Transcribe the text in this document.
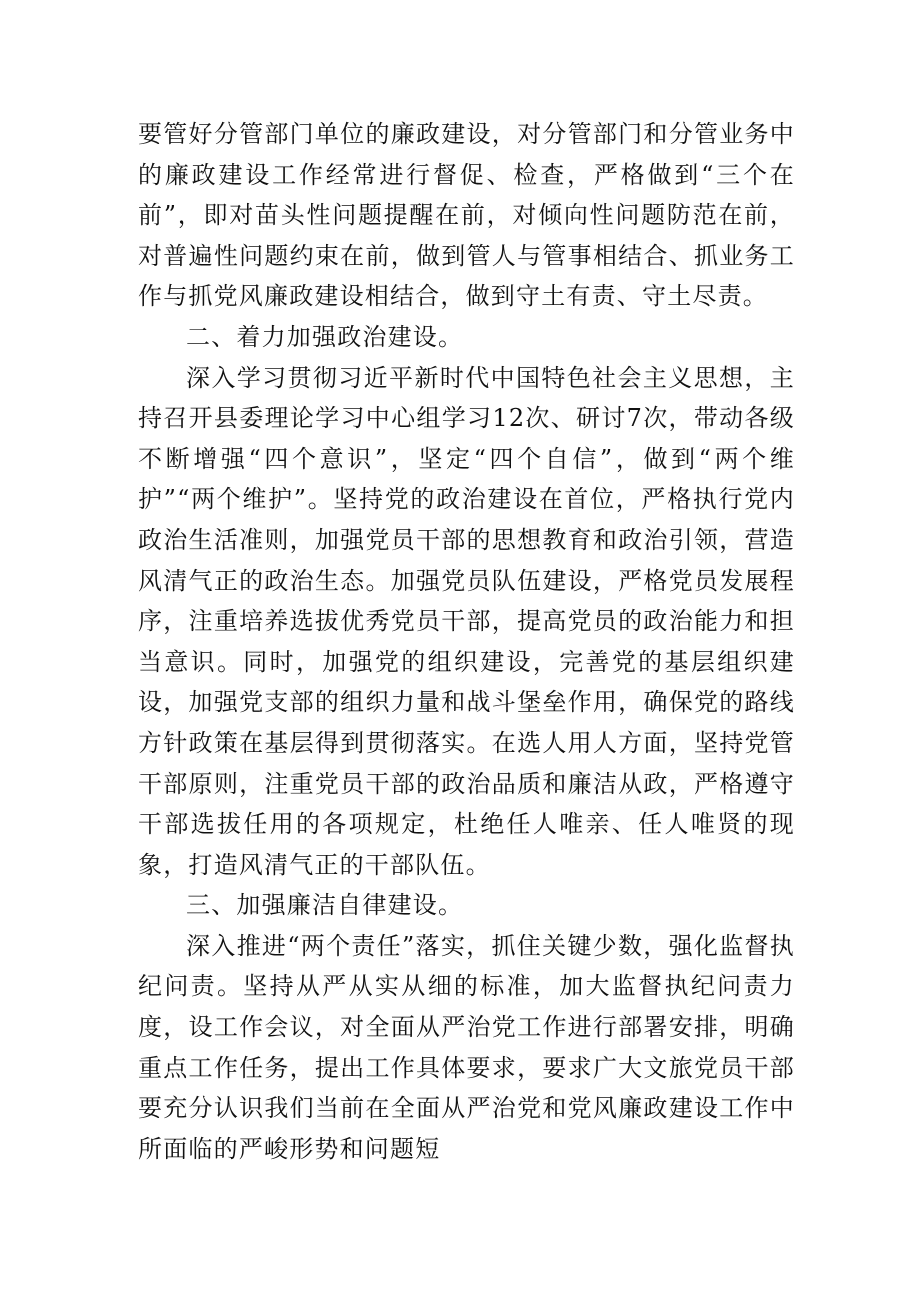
要管好分管部门单位的廉政建设，对分管部门和分管业务中的廉政建设工作经常进行督促、检查，严格做到“三个在前”，即对苗头性问题提醒在前，对倾向性问题防范在前，对普遍性问题约束在前，做到管人与管事相结合、抓业务工作与抓党风廉政建设相结合，做到守土有责、守土尽责。

二、着力加强政治建设。

深入学习贯彻习近平新时代中国特色社会主义思想，主持召开县委理论学习中心组学习12次、研讨7次，带动各级不断增强“四个意识”，坚定“四个自信”，做到“两个维护”“两个维护”。坚持党的政治建设在首位，严格执行党内政治生活准则，加强党员干部的思想教育和政治引领，营造风清气正的政治生态。加强党员队伍建设，严格党员发展程序，注重培养选拔优秀党员干部，提高党员的政治能力和担当意识。同时，加强党的组织建设，完善党的基层组织建设，加强党支部的组织力量和战斗堡垒作用，确保党的路线方针政策在基层得到贯彻落实。在选人用人方面，坚持党管干部原则，注重党员干部的政治品质和廉洁从政，严格遵守干部选拔任用的各项规定，杜绝任人唯亲、任人唯贤的现象，打造风清气正的干部队伍。

三、加强廉洁自律建设。

深入推进“两个责任”落实，抓住关键少数，强化监督执纪问责。坚持从严从实从细的标准，加大监督执纪问责力度，设工作会议，对全面从严治党工作进行部署安排，明确重点工作任务，提出工作具体要求，要求广大文旅党员干部要充分认识我们当前在全面从严治党和党风廉政建设工作中所面临的严峻形势和问题短
